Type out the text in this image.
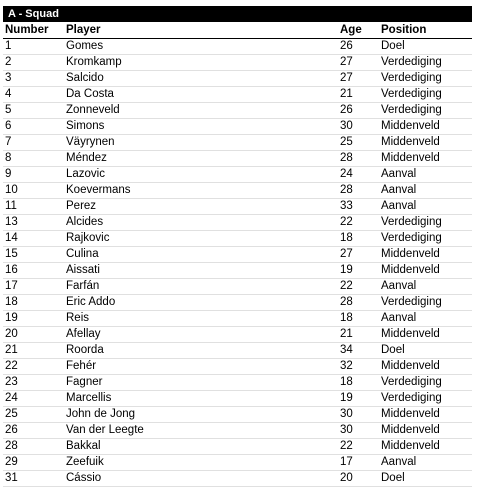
A - Squad
Number Player	Age Position
1	Gomes	26 Doel
2	Kromkamp	27 Verdediging
3	Salcido	27 Verdediging
4	Da Costa	21 Verdediging
5	Zonneveld	26 Verdediging
6	Simons	30 Middenveld
7	Väyrynen	25 Middenveld
8	Méndez	28 Middenveld
9	Lazovic	24 Aanval
10	Koevermans	28 Aanval
11	Perez	33 Aanval
13	Alcides	22 Verdediging
14	Rajkovic	18 Verdediging
15	Culina	27 Middenveld
16	Aissati	19 Middenveld
17	Farfán	22 Aanval
18	Eric Addo	28 Verdediging
19	Reis	18 Aanval
20	Afellay	21 Middenveld
21	Roorda	34 Doel
22	Fehér	32 Middenveld
23	Fagner	18 Verdediging
24	Marcellis	19 Verdediging
25	John de Jong	30 Middenveld
26	Van der Leegte	30 Middenveld
28	Bakkal	22 Middenveld
29	Zeefuik	17 Aanval
31	Cássio	20 Doel
